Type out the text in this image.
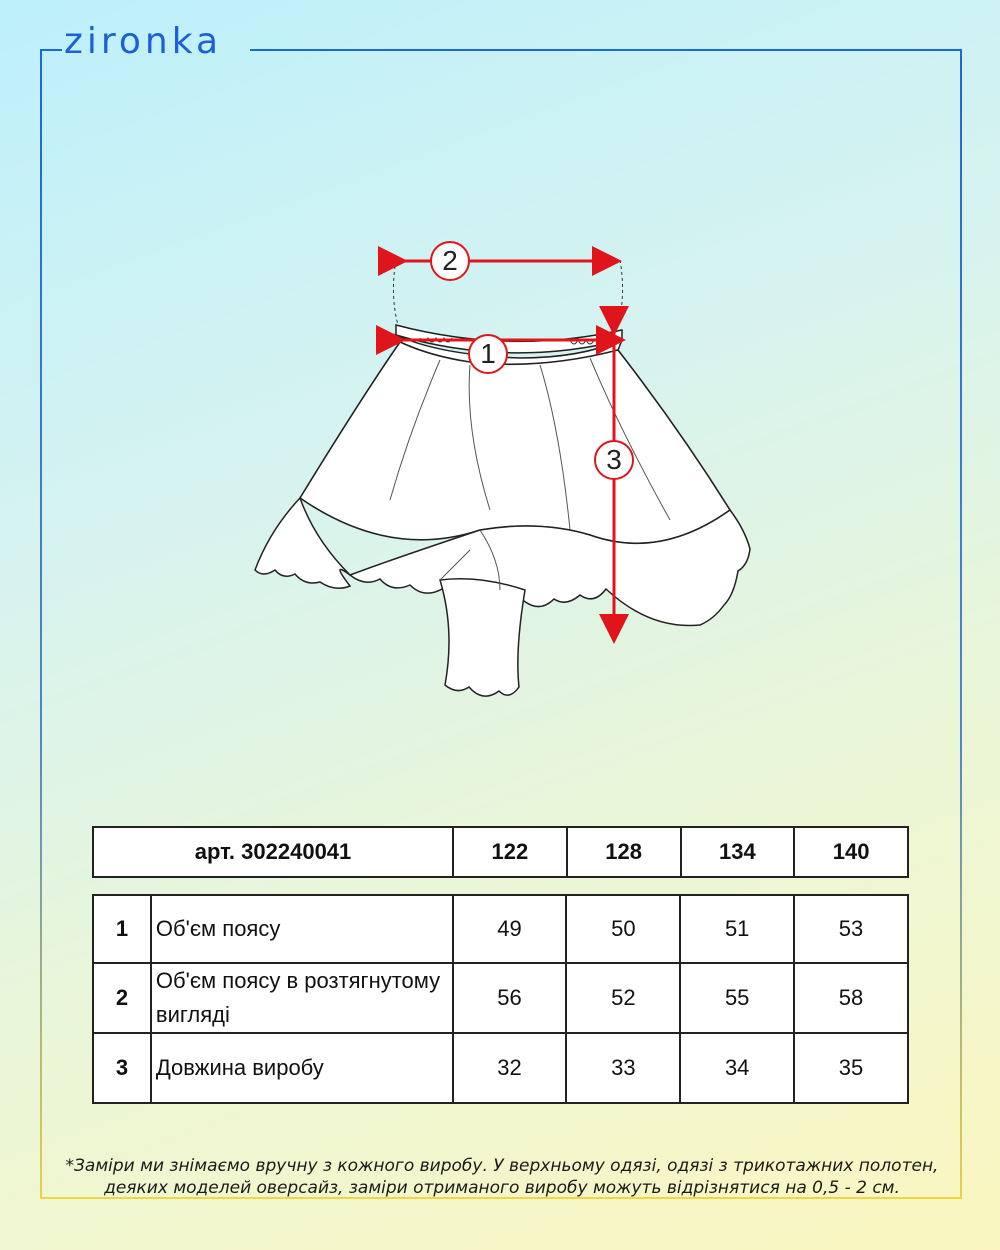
zironka
2
1
3
арт. 302240041	122	128	134	140
1	Об'єм поясу	49	50	51	53
2	Об'єм поясу в розтягнутому вигляді	56	52	55	58
3	Довжина виробу	32	33	34	35
*Заміри ми знімаємо вручну з кожного виробу. У верхньому одязі, одязі з трикотажних полотен, деяких моделей оверсайз, заміри отриманого виробу можуть відрізнятися на 0,5 - 2 см.
